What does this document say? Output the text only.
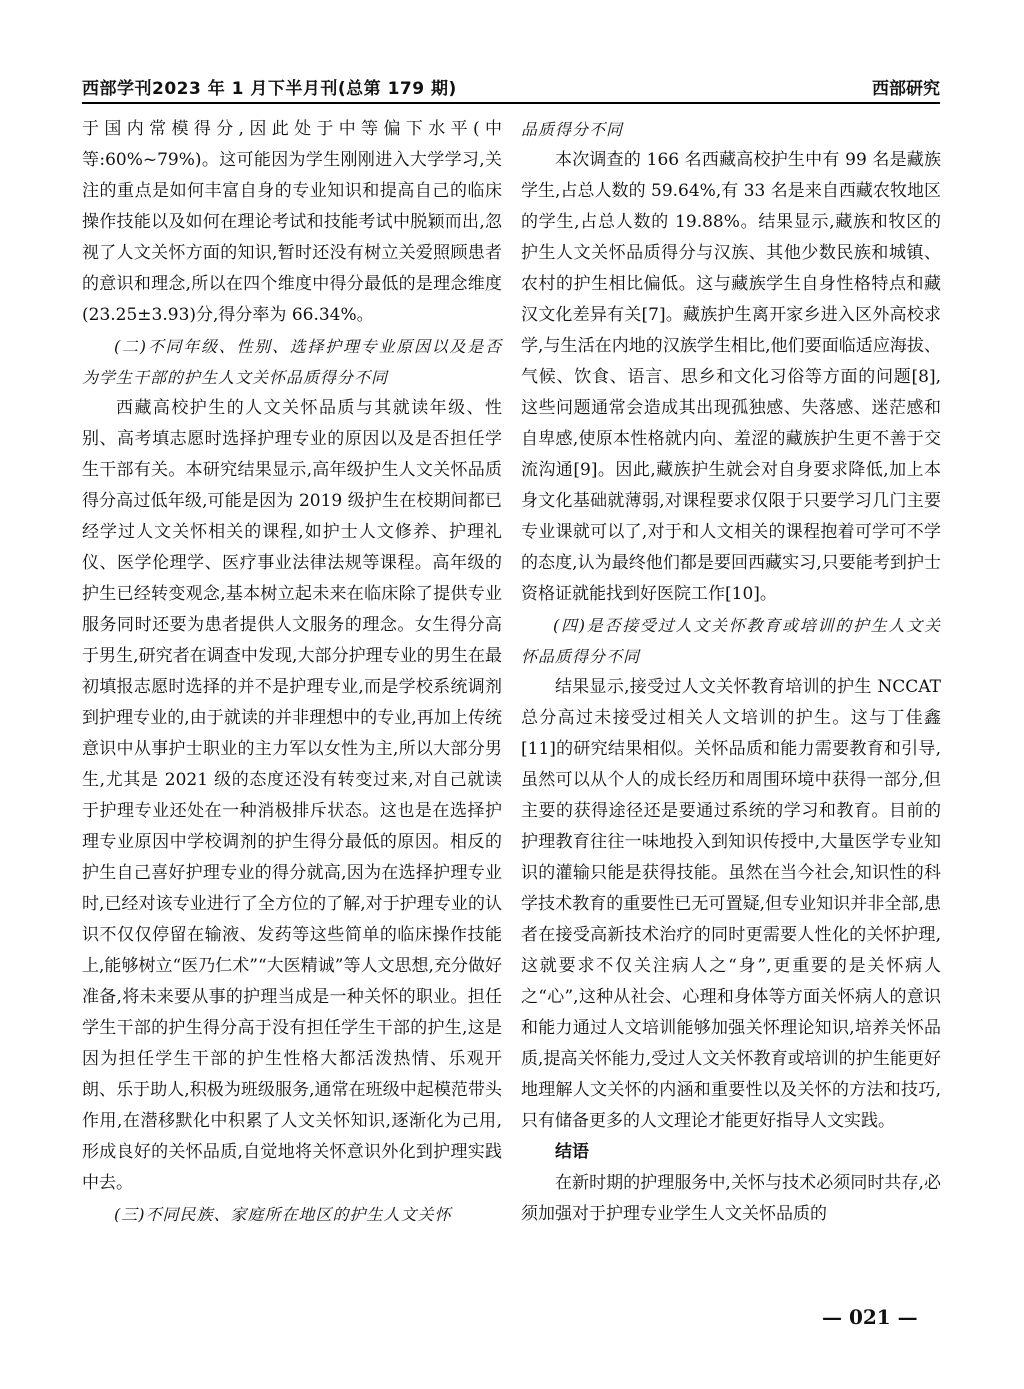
西部学刊2023 年 1 月下半月刊(总第 179 期)	西部研究

于国内常模得分,因此处于中等偏下水平(中等:60%~79%)。这可能因为学生刚刚进入大学学习,关注的重点是如何丰富自身的专业知识和提高自己的临床操作技能以及如何在理论考试和技能考试中脱颖而出,忽视了人文关怀方面的知识,暂时还没有树立关爱照顾患者的意识和理念,所以在四个维度中得分最低的是理念维度(23.25±3.93)分,得分率为 66.34%。

(二)不同年级、性别、选择护理专业原因以及是否为学生干部的护生人文关怀品质得分不同

西藏高校护生的人文关怀品质与其就读年级、性别、高考填志愿时选择护理专业的原因以及是否担任学生干部有关。本研究结果显示,高年级护生人文关怀品质得分高过低年级,可能是因为 2019 级护生在校期间都已经学过人文关怀相关的课程,如护士人文修养、护理礼仪、医学伦理学、医疗事业法律法规等课程。高年级的护生已经转变观念,基本树立起未来在临床除了提供专业服务同时还要为患者提供人文服务的理念。女生得分高于男生,研究者在调查中发现,大部分护理专业的男生在最初填报志愿时选择的并不是护理专业,而是学校系统调剂到护理专业的,由于就读的并非理想中的专业,再加上传统意识中从事护士职业的主力军以女性为主,所以大部分男生,尤其是 2021 级的态度还没有转变过来,对自己就读于护理专业还处在一种消极排斥状态。这也是在选择护理专业原因中学校调剂的护生得分最低的原因。相反的护生自己喜好护理专业的得分就高,因为在选择护理专业时,已经对该专业进行了全方位的了解,对于护理专业的认识不仅仅停留在输液、发药等这些简单的临床操作技能上,能够树立“医乃仁术”“大医精诚”等人文思想,充分做好准备,将未来要从事的护理当成是一种关怀的职业。担任学生干部的护生得分高于没有担任学生干部的护生,这是因为担任学生干部的护生性格大都活泼热情、乐观开朗、乐于助人,积极为班级服务,通常在班级中起模范带头作用,在潜移默化中积累了人文关怀知识,逐渐化为己用,形成良好的关怀品质,自觉地将关怀意识外化到护理实践中去。

(三)不同民族、家庭所在地区的护生人文关怀
品质得分不同

本次调查的 166 名西藏高校护生中有 99 名是藏族学生,占总人数的 59.64%,有 33 名是来自西藏农牧地区的学生,占总人数的 19.88%。结果显示,藏族和牧区的护生人文关怀品质得分与汉族、其他少数民族和城镇、农村的护生相比偏低。这与藏族学生自身性格特点和藏汉文化差异有关[7]。藏族护生离开家乡进入区外高校求学,与生活在内地的汉族学生相比,他们要面临适应海拔、气候、饮食、语言、思乡和文化习俗等方面的问题[8],这些问题通常会造成其出现孤独感、失落感、迷茫感和自卑感,使原本性格就内向、羞涩的藏族护生更不善于交流沟通[9]。因此,藏族护生就会对自身要求降低,加上本身文化基础就薄弱,对课程要求仅限于只要学习几门主要专业课就可以了,对于和人文相关的课程抱着可学可不学的态度,认为最终他们都是要回西藏实习,只要能考到护士资格证就能找到好医院工作[10]。

(四)是否接受过人文关怀教育或培训的护生人文关怀品质得分不同

结果显示,接受过人文关怀教育培训的护生 NCCAT 总分高过未接受过相关人文培训的护生。这与丁佳鑫[11]的研究结果相似。关怀品质和能力需要教育和引导,虽然可以从个人的成长经历和周围环境中获得一部分,但主要的获得途径还是要通过系统的学习和教育。目前的护理教育往往一味地投入到知识传授中,大量医学专业知识的灌输只能是获得技能。虽然在当今社会,知识性的科学技术教育的重要性已无可置疑,但专业知识并非全部,患者在接受高新技术治疗的同时更需要人性化的关怀护理,这就要求不仅关注病人之“身”,更重要的是关怀病人之“心”,这种从社会、心理和身体等方面关怀病人的意识和能力通过人文培训能够加强关怀理论知识,培养关怀品质,提高关怀能力,受过人文关怀教育或培训的护生能更好地理解人文关怀的内涵和重要性以及关怀的方法和技巧,只有储备更多的人文理论才能更好指导人文实践。

结语

在新时期的护理服务中,关怀与技术必须同时共存,必须加强对于护理专业学生人文关怀品质的

— 021 —
